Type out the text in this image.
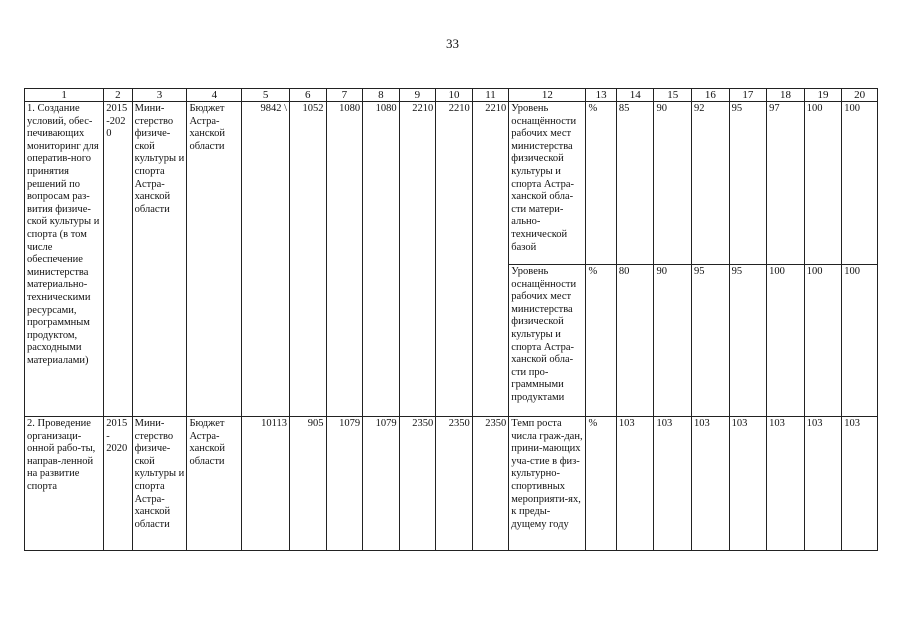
33
1	2	3	4	5	6	7	8	9	10	11	12	13	14	15	16	17	18	19	20
1. Создание условий, обес-печивающих мониторинг для оператив-ного принятия решений по вопросам раз-вития физиче-ской культуры и спорта (в том числе обеспечение министерства материально-техническими ресурсами, программным продуктом, расходными материалами)	2015-2020	Мини-стерство физиче-ской культуры и спорта Астра-ханской области	Бюджет Астра-ханской области	9842 \	1052	1080	1080	2210	2210	2210	Уровень оснащённости рабочих мест министерства физической культуры и спорта Астра-ханской обла-сти матери-ально-технической базой	%	85	90	92	95	97	100	100
											Уровень оснащённости рабочих мест министерства физической культуры и спорта Астра-ханской обла-сти про-граммными продуктами	%	80	90	95	95	100	100	100
2. Проведение организаци-онной рабо-ты, направ-ленной на развитие спорта	2015 - 2020	Мини-стерство физиче-ской культуры и спорта Астра-ханской области	Бюджет Астра-ханской области	10113	905	1079	1079	2350	2350	2350	Темп роста числа граж-дан, прини-мающих уча-стие в физ-культурно-спортивных мероприяти-ях, к преды-дущему году	%	103	103	103	103	103	103	103
